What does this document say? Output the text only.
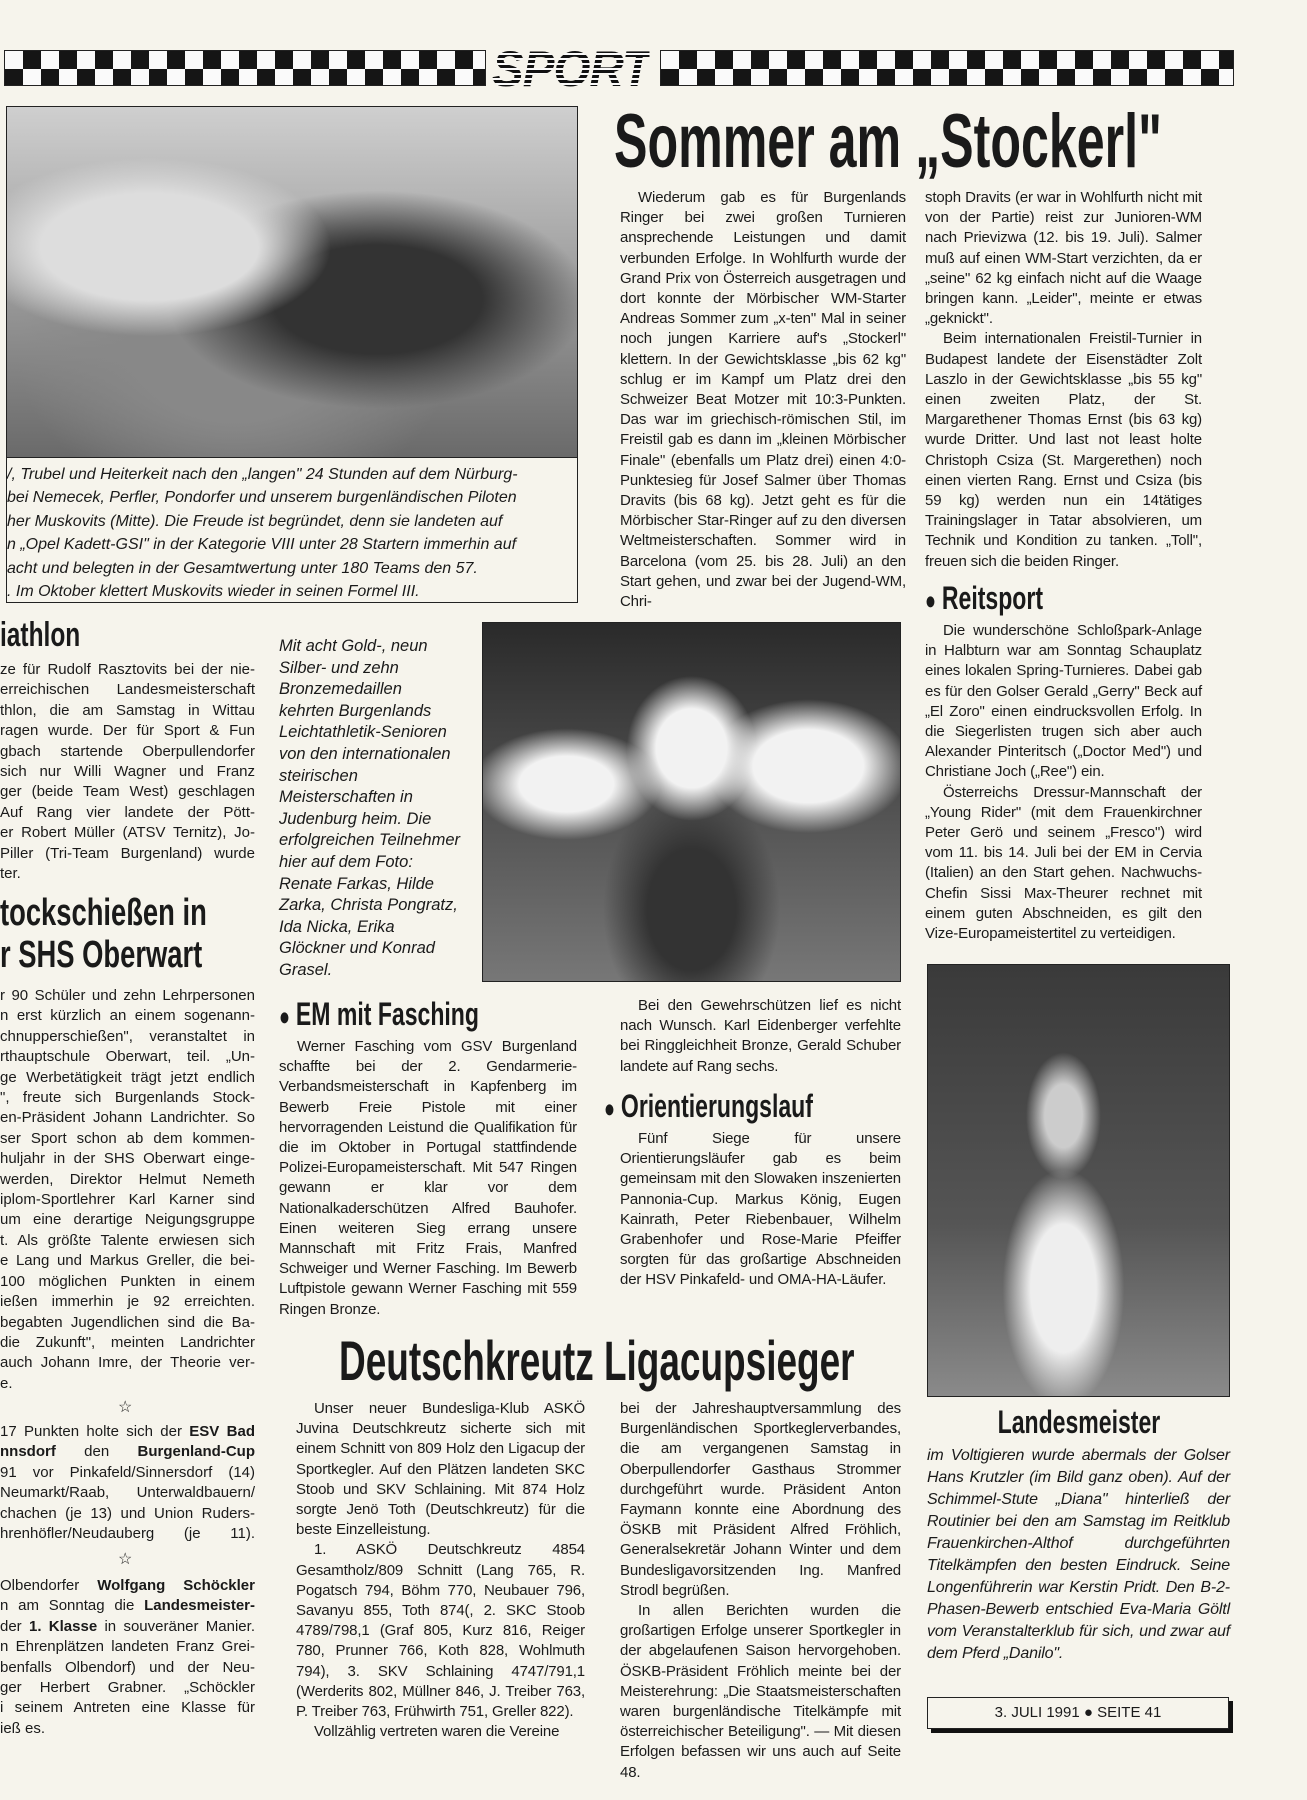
SPORT
/, Trubel und Heiterkeit nach den „langen" 24 Stunden auf dem Nürburg-
bei Nemecek, Perfler, Pondorfer und unserem burgenländischen Piloten
her Muskovits (Mitte). Die Freude ist begründet, denn sie landeten auf
n „Opel Kadett-GSI" in der Kategorie VIII unter 28 Startern immerhin auf
acht und belegten in der Gesamtwertung unter 180 Teams den 57.
. Im Oktober klettert Muskovits wieder in seinen Formel III.
Sommer am „Stockerl"

Wiederum gab es für Burgenlands Ringer bei zwei großen Turnieren ansprechende Leistungen und damit verbunden Erfolge. In Wohlfurth wurde der Grand Prix von Österreich ausgetragen und dort konnte der Mörbischer WM-Starter Andreas Sommer zum „x-ten" Mal in seiner noch jungen Karriere auf's „Stockerl" klettern. In der Gewichtsklasse „bis 62 kg" schlug er im Kampf um Platz drei den Schweizer Beat Motzer mit 10:3-Punkten. Das war im griechisch-römischen Stil, im Freistil gab es dann im „kleinen Mörbischer Finale" (ebenfalls um Platz drei) einen 4:0-Punktesieg für Josef Salmer über Thomas Dravits (bis 68 kg). Jetzt geht es für die Mörbischer Star-Ringer auf zu den diversen Weltmeisterschaften. Sommer wird in Barcelona (vom 25. bis 28. Juli) an den Start gehen, und zwar bei der Jugend-WM, Chri-

stoph Dravits (er war in Wohlfurth nicht mit von der Partie) reist zur Junioren-WM nach Prievizwa (12. bis 19. Juli). Salmer muß auf einen WM-Start verzichten, da er „seine" 62 kg einfach nicht auf die Waage bringen kann. „Leider", meinte er etwas „geknickt".

Beim internationalen Freistil-Turnier in Budapest landete der Eisenstädter Zolt Laszlo in der Gewichtsklasse „bis 55 kg" einen zweiten Platz, der St. Margarethener Thomas Ernst (bis 63 kg) wurde Dritter. Und last not least holte Christoph Csiza (St. Margerethen) noch einen vierten Rang. Ernst und Csiza (bis 59 kg) werden nun ein 14tätiges Trainingslager in Tatar absolvieren, um Technik und Kondition zu tanken. „Toll", freuen sich die beiden Ringer.

● Reitsport

Die wunderschöne Schloßpark-Anlage in Halbturn war am Sonntag Schauplatz eines lokalen Spring-Turnieres. Dabei gab es für den Golser Gerald „Gerry" Beck auf „El Zoro" einen eindrucksvollen Erfolg. In die Siegerlisten trugen sich aber auch Alexander Pinteritsch („Doctor Med") und Christiane Joch („Ree") ein.

Österreichs Dressur-Mannschaft der „Young Rider" (mit dem Frauenkirchner Peter Gerö und seinem „Fresco") wird vom 11. bis 14. Juli bei der EM in Cervia (Italien) an den Start gehen. Nachwuchs-Chefin Sissi Max-Theurer rechnet mit einem guten Abschneiden, es gilt den Vize-Europameistertitel zu verteidigen.

Landesmeister

im Voltigieren wurde abermals der Golser Hans Krutzler (im Bild ganz oben). Auf der Schimmel-Stute „Diana" hinterließ der Routinier bei den am Samstag im Reitklub Frauenkirchen-Althof durchgeführten Titelkämpfen den besten Eindruck. Seine Longenführerin war Kerstin Pridt. Den B-2-Phasen-Bewerb entschied Eva-Maria Göltl vom Veranstalterklub für sich, und zwar auf dem Pferd „Danilo".

3. JULI 1991 ● SEITE 41
iathlon
ze für Rudolf Rasztovits bei der nie-
erreichischen Landesmeisterschaft
thlon, die am Samstag in Wittau
ragen wurde. Der für Sport & Fun
gbach startende Oberpullendorfer
sich nur Willi Wagner und Franz
ger (beide Team West) geschlagen
Auf Rang vier landete der Pött-
er Robert Müller (ATSV Ternitz), Jo-
Piller (Tri-Team Burgenland) wurde
ter.
tockschießen in
r SHS Oberwart
r 90 Schüler und zehn Lehrpersonen
n erst kürzlich an einem sogenann-
chnupperschießen", veranstaltet in
rthauptschule Oberwart, teil. „Un-
ge Werbetätigkeit trägt jetzt endlich
", freute sich Burgenlands Stock-
en-Präsident Johann Landrichter. So
ser Sport schon ab dem kommen-
huljahr in der SHS Oberwart einge-
werden, Direktor Helmut Nemeth
iplom-Sportlehrer Karl Karner sind
um eine derartige Neigungsgruppe
t. Als größte Talente erwiesen sich
e Lang und Markus Greller, die bei-
100 möglichen Punkten in einem
ießen immerhin je 92 erreichten.
begabten Jugendlichen sind die Ba-
die Zukunft", meinten Landrichter
auch Johann Imre, der Theorie ver-
e.
☆
17 Punkten holte sich der ESV Bad
nnsdorf den Burgenland-Cup
91 vor Pinkafeld/Sinnersdorf (14)
Neumarkt/Raab, Unterwaldbauern/
chachen (je 13) und Union Ruders-
hrenhöfler/Neudauberg (je 11).
☆
Olbendorfer Wolfgang Schöckler
n am Sonntag die Landesmeister-
der 1. Klasse in souveräner Manier.
n Ehrenplätzen landeten Franz Grei-
benfalls Olbendorf) und der Neu-
ger Herbert Grabner. „Schöckler
i seinem Antreten eine Klasse für
ieß es.

Mit acht Gold-, neun Silber- und zehn Bronzemedaillen kehrten Burgenlands Leichtathletik-Senioren von den internationalen steirischen Meisterschaften in Judenburg heim. Die erfolgreichen Teilnehmer hier auf dem Foto: Renate Farkas, Hilde Zarka, Christa Pongratz, Ida Nicka, Erika Glöckner und Konrad Grasel.

● EM mit Fasching

Werner Fasching vom GSV Burgenland schaffte bei der 2. Gendarmerie-Verbandsmeisterschaft in Kapfenberg im Bewerb Freie Pistole mit einer hervorragenden Leistund die Qualifikation für die im Oktober in Portugal stattfindende Polizei-Europameisterschaft. Mit 547 Ringen gewann er klar vor dem Nationalkaderschützen Alfred Bauhofer. Einen weiteren Sieg errang unsere Mannschaft mit Fritz Frais, Manfred Schweiger und Werner Fasching. Im Bewerb Luftpistole gewann Werner Fasching mit 559 Ringen Bronze.

Bei den Gewehrschützen lief es nicht nach Wunsch. Karl Eidenberger verfehlte bei Ringgleichheit Bronze, Gerald Schuber landete auf Rang sechs.

● Orientierungslauf

Fünf Siege für unsere Orientierungsläufer gab es beim gemeinsam mit den Slowaken inszenierten Pannonia-Cup. Markus König, Eugen Kainrath, Peter Riebenbauer, Wilhelm Grabenhofer und Rose-Marie Pfeiffer sorgten für das großartige Abschneiden der HSV Pinkafeld- und OMA-HA-Läufer.

Deutschkreutz Ligacupsieger

Unser neuer Bundesliga-Klub ASKÖ Juvina Deutschkreutz sicherte sich mit einem Schnitt von 809 Holz den Ligacup der Sportkegler. Auf den Plätzen landeten SKC Stoob und SKV Schlaining. Mit 874 Holz sorgte Jenö Toth (Deutschkreutz) für die beste Einzelleistung.

1. ASKÖ Deutschkreutz 4854 Gesamtholz/809 Schnitt (Lang 765, R. Pogatsch 794, Böhm 770, Neubauer 796, Savanyu 855, Toth 874(, 2. SKC Stoob 4789/798,1 (Graf 805, Kurz 816, Reiger 780, Prunner 766, Koth 828, Wohlmuth 794), 3. SKV Schlaining 4747/791,1 (Werderits 802, Müllner 846, J. Treiber 763, P. Treiber 763, Frühwirth 751, Greller 822).

Vollzählig vertreten waren die Vereine

bei der Jahreshauptversammlung des Burgenländischen Sportkeglerverbandes, die am vergangenen Samstag in Oberpullendorfer Gasthaus Strommer durchgeführt wurde. Präsident Anton Faymann konnte eine Abordnung des ÖSKB mit Präsident Alfred Fröhlich, Generalsekretär Johann Winter und dem Bundesligavorsitzenden Ing. Manfred Strodl begrüßen.

In allen Berichten wurden die großartigen Erfolge unserer Sportkegler in der abgelaufenen Saison hervorgehoben. ÖSKB-Präsident Fröhlich meinte bei der Meisterehrung: „Die Staatsmeisterschaften waren burgenländische Titelkämpfe mit österreichischer Beteiligung". — Mit diesen Erfolgen befassen wir uns auch auf Seite 48.
